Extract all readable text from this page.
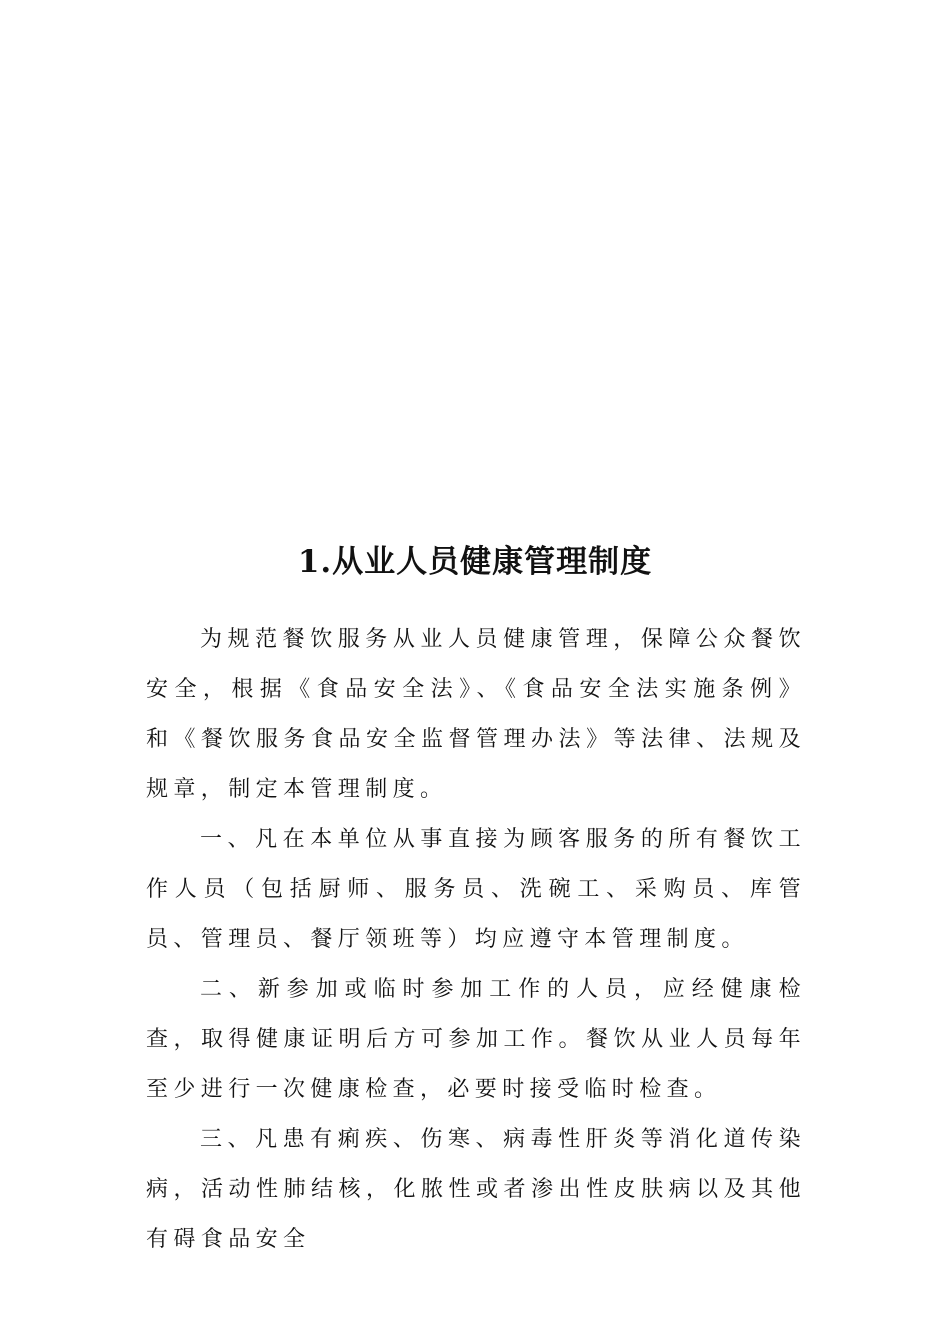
1.从业人员健康管理制度

为规范餐饮服务从业人员健康管理，保障公众餐饮安全，根据《食品安全法》、《食品安全法实施条例》和《餐饮服务食品安全监督管理办法》等法律、法规及规章，制定本管理制度。

一、凡在本单位从事直接为顾客服务的所有餐饮工作人员（包括厨师、服务员、洗碗工、采购员、库管员、管理员、餐厅领班等）均应遵守本管理制度。

二、新参加或临时参加工作的人员，应经健康检查，取得健康证明后方可参加工作。餐饮从业人员每年至少进行一次健康检查，必要时接受临时检查。

三、凡患有痢疾、伤寒、病毒性肝炎等消化道传染病，活动性肺结核，化脓性或者渗出性皮肤病以及其他有碍食品安全
